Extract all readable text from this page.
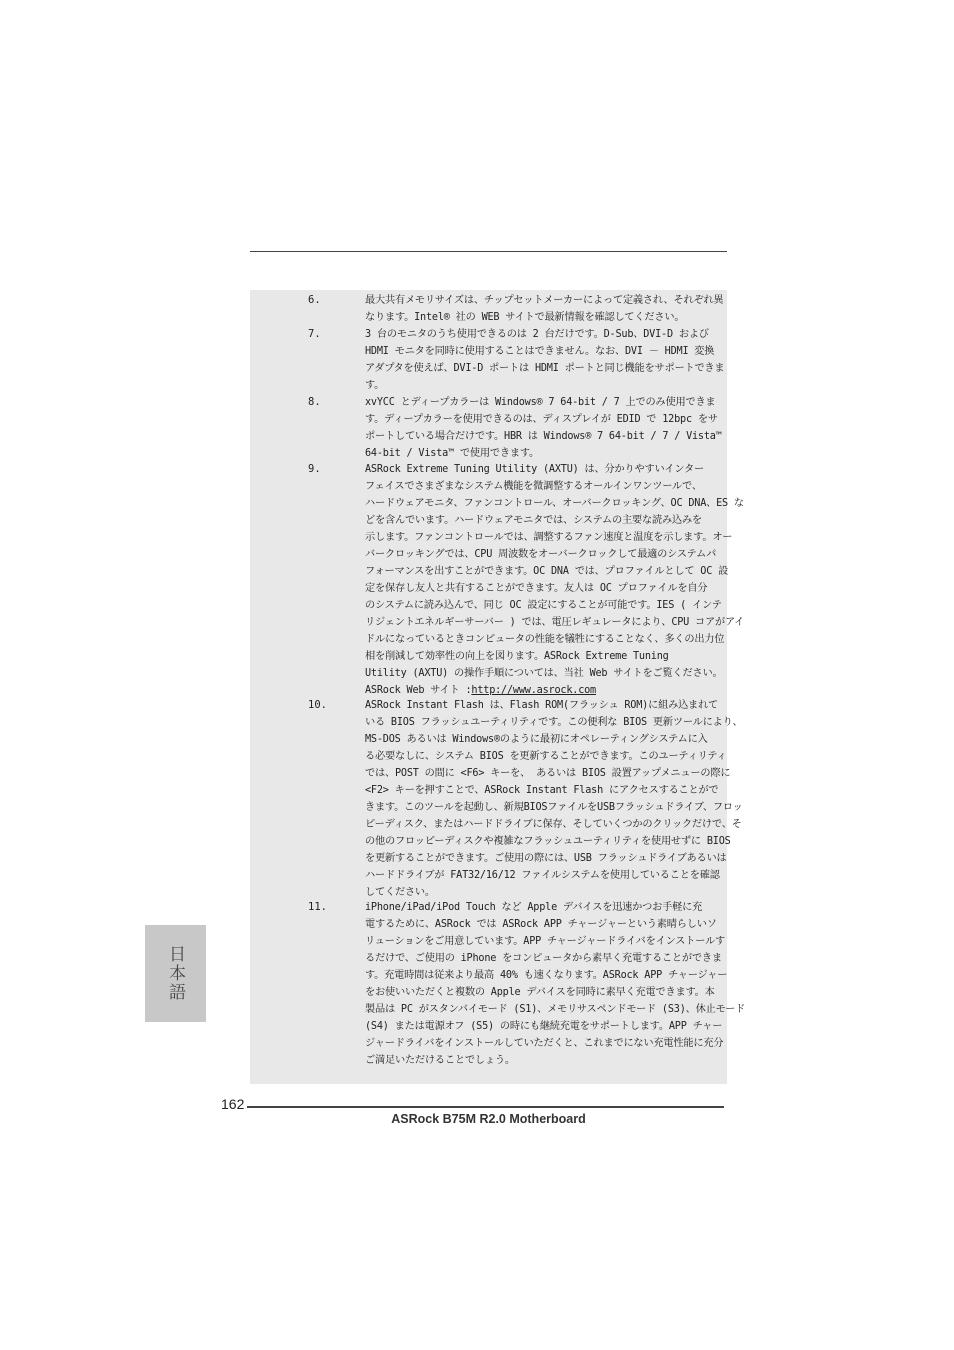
6.	最大共有メモリサイズは、チップセットメーカーによって定義され、それぞれ異
なります。Intel® 社の WEB サイトで最新情報を確認してください。
7.	3 台のモニタのうち使用できるのは 2 台だけです。D-Sub、DVI-D および
HDMI モニタを同時に使用することはできません。なお、DVI － HDMI 変換
アダプタを使えば、DVI-D ポートは HDMI ポートと同じ機能をサポートできま
す。
8.	xvYCC とディープカラーは Windows® 7 64-bit / 7 上でのみ使用できま
す。ディープカラーを使用できるのは、ディスプレイが EDID で 12bpc をサ
ポートしている場合だけです。HBR は Windows® 7 64-bit / 7 / Vista™
64-bit / Vista™ で使用できます。
9.	ASRock Extreme Tuning Utility (AXTU) は、分かりやすいインター
フェイスでさまざまなシステム機能を微調整するオールインワンツールで、
ハードウェアモニタ、ファンコントロール、オーバークロッキング、OC DNA、ES な
どを含んでいます。ハードウェアモニタでは、システムの主要な読み込みを
示します。ファンコントロールでは、調整するファン速度と温度を示します。オー
バークロッキングでは、CPU 周波数をオーバークロックして最適のシステムパ
フォーマンスを出すことができます。OC DNA では、プロファイルとして OC 設
定を保存し友人と共有することができます。友人は OC プロファイルを自分
のシステムに読み込んで、同じ OC 設定にすることが可能です。IES ( インテ
リジェントエネルギーサーバー ) では、電圧レギュレータにより、CPU コアがアイ
ドルになっているときコンピュータの性能を犠牲にすることなく、多くの出力位
相を削減して効率性の向上を図ります。ASRock Extreme Tuning
Utility (AXTU) の操作手順については、当社 Web サイトをご覧ください。
ASRock Web サイト :http://www.asrock.com
10.	ASRock Instant Flash は、Flash ROM(フラッシュ ROM)に組み込まれて
いる BIOS フラッシュユーティリティです。この便利な BIOS 更新ツールにより、
MS-DOS あるいは Windows®のように最初にオペレーティングシステムに入
る必要なしに、システム BIOS を更新することができます。このユーティリティ
では、POST の間に <F6> キーを、 あるいは BIOS 設置アップメニューの際に
<F2> キーを押すことで、ASRock Instant Flash にアクセスすることがで
きます。このツールを起動し、新規BIOSファイルをUSBフラッシュドライブ、フロッ
ピーディスク、またはハードドライブに保存、そしていくつかのクリックだけで、そ
の他のフロッピーディスクや複雑なフラッシュユーティリティを使用せずに BIOS
を更新することができます。ご使用の際には、USB フラッシュドライブあるいは
ハードドライブが FAT32/16/12 ファイルシステムを使用していることを確認
してください。
11.	iPhone/iPad/iPod Touch など Apple デバイスを迅速かつお手軽に充
電するために、ASRock では ASRock APP チャージャーという素晴らしいソ
リューションをご用意しています。APP チャージャードライバをインストールす
るだけで、ご使用の iPhone をコンピュータから素早く充電することができま
す。充電時間は従来より最高 40% も速くなります。ASRock APP チャージャー
をお使いいただくと複数の Apple デバイスを同時に素早く充電できます。本
製品は PC がスタンバイモード (S1)、メモリサスペンドモード (S3)、休止モード
(S4) または電源オフ (S5) の時にも継続充電をサポートします。APP チャー
ジャードライバをインストールしていただくと、これまでにない充電性能に充分
ご満足いただけることでしょう。
日本語
162
ASRock B75M R2.0 Motherboard
